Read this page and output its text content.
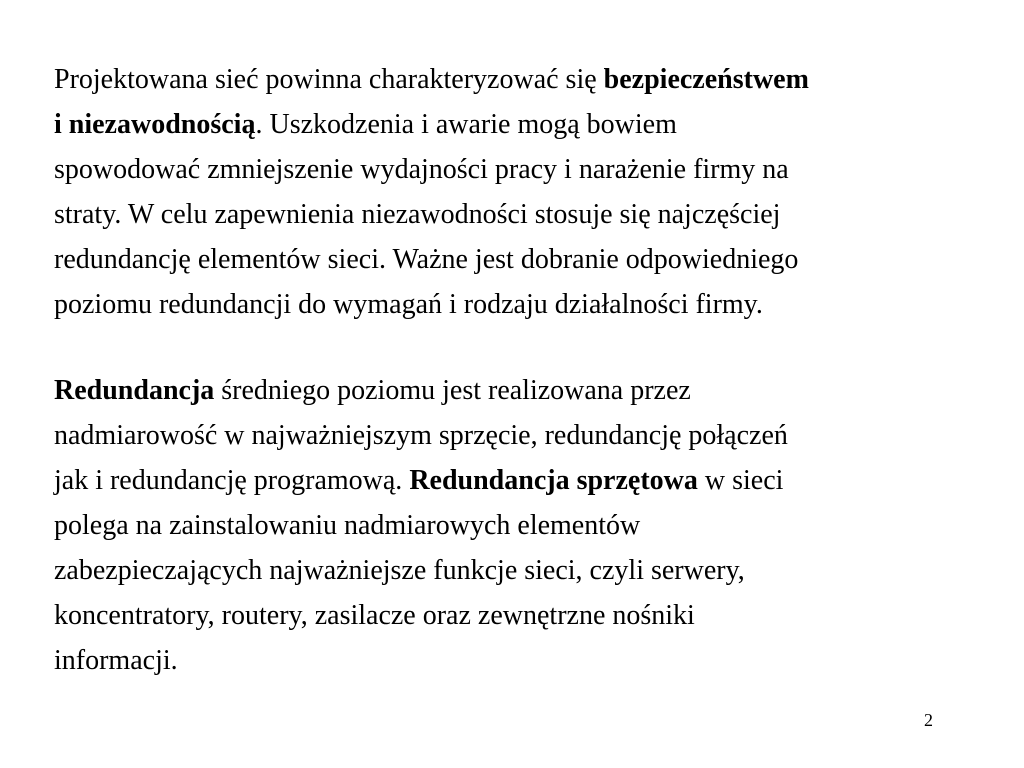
Projektowana sieć powinna charakteryzować się bezpieczeństwem
i niezawodnością. Uszkodzenia i awarie mogą bowiem
spowodować zmniejszenie wydajności pracy i narażenie firmy na
straty. W celu zapewnienia niezawodności stosuje się najczęściej
redundancję elementów sieci. Ważne jest dobranie odpowiedniego
poziomu redundancji do wymagań i rodzaju działalności firmy.

Redundancja średniego poziomu jest realizowana przez
nadmiarowość w najważniejszym sprzęcie, redundancję połączeń
jak i redundancję programową. Redundancja sprzętowa w sieci
polega na zainstalowaniu nadmiarowych elementów
zabezpieczających najważniejsze funkcje sieci, czyli serwery,
koncentratory, routery, zasilacze oraz zewnętrzne nośniki
informacji.

2
